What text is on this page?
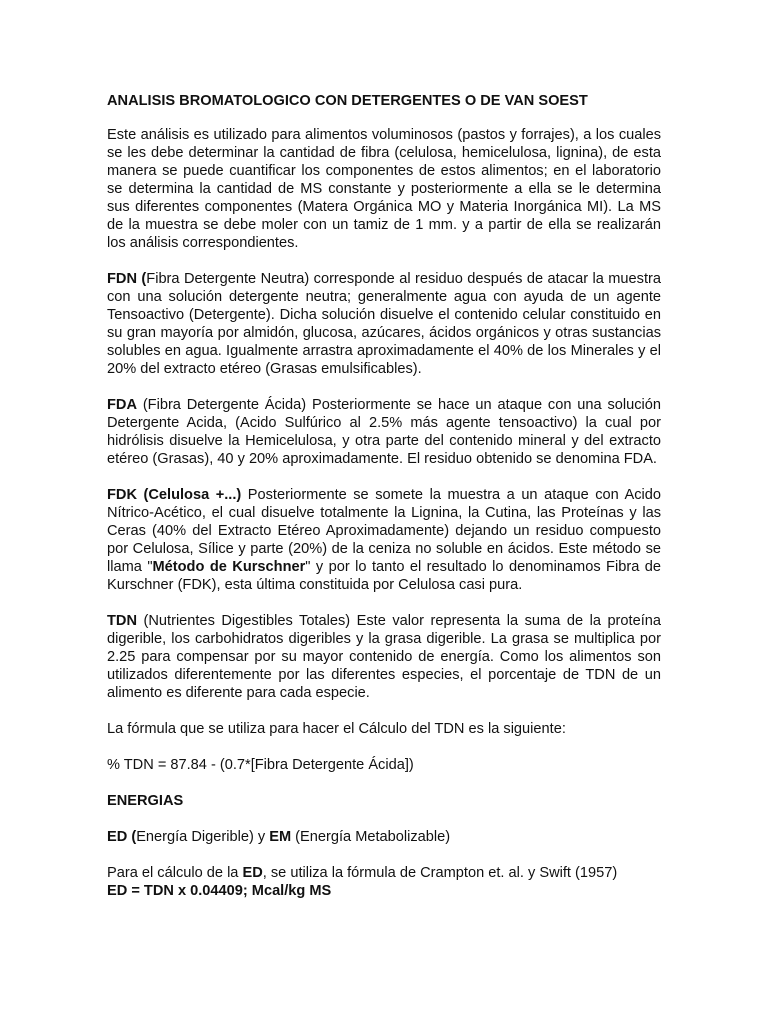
ANALISIS BROMATOLOGICO CON DETERGENTES O DE VAN SOEST

Este análisis es utilizado para alimentos voluminosos (pastos y forrajes), a los cuales se les debe determinar la cantidad de fibra (celulosa, hemicelulosa, lignina), de esta manera se puede cuantificar los componentes de estos alimentos; en el laboratorio se determina la cantidad de MS constante y posteriormente a ella se le determina sus diferentes componentes (Matera Orgánica MO y Materia Inorgánica MI). La MS de la muestra se debe moler con un tamiz de 1 mm. y a partir de ella se realizarán los análisis correspondientes.

FDN (Fibra Detergente Neutra) corresponde al residuo después de atacar la muestra con una solución detergente neutra; generalmente agua con ayuda de un agente Tensoactivo (Detergente). Dicha solución disuelve el contenido celular constituido en su gran mayoría por almidón, glucosa, azúcares, ácidos orgánicos y otras sustancias solubles en agua. Igualmente arrastra aproximadamente el 40% de los Minerales y el 20% del extracto etéreo (Grasas emulsificables).

FDA (Fibra Detergente Ácida) Posteriormente se hace un ataque con una solución Detergente Acida, (Acido Sulfúrico al 2.5% más agente tensoactivo) la cual por hidrólisis disuelve la Hemicelulosa, y otra parte del contenido mineral y del extracto etéreo (Grasas), 40 y 20% aproximadamente. El residuo obtenido se denomina FDA.

FDK (Celulosa +...) Posteriormente se somete la muestra a un ataque con Acido Nítrico-Acético, el cual disuelve totalmente la Lignina, la Cutina, las Proteínas y las Ceras (40% del Extracto Etéreo Aproximadamente) dejando un residuo compuesto por Celulosa, Sílice y parte (20%) de la ceniza no soluble en ácidos. Este método se llama "Método de Kurschner" y por lo tanto el resultado lo denominamos Fibra de Kurschner (FDK), esta última constituida por Celulosa casi pura.

TDN (Nutrientes Digestibles Totales) Este valor representa la suma de la proteína digerible, los carbohidratos digeribles y la grasa digerible. La grasa se multiplica por 2.25 para compensar por su mayor contenido de energía. Como los alimentos son utilizados diferentemente por las diferentes especies, el porcentaje de TDN de un alimento es diferente para cada especie.

La fórmula que se utiliza para hacer el Cálculo del TDN es la siguiente:

% TDN = 87.84 - (0.7*[Fibra Detergente Ácida])

ENERGIAS

ED (Energía Digerible) y EM (Energía Metabolizable)

Para el cálculo de la ED, se utiliza la fórmula de Crampton et. al. y Swift (1957)

ED = TDN x 0.04409; Mcal/kg MS
